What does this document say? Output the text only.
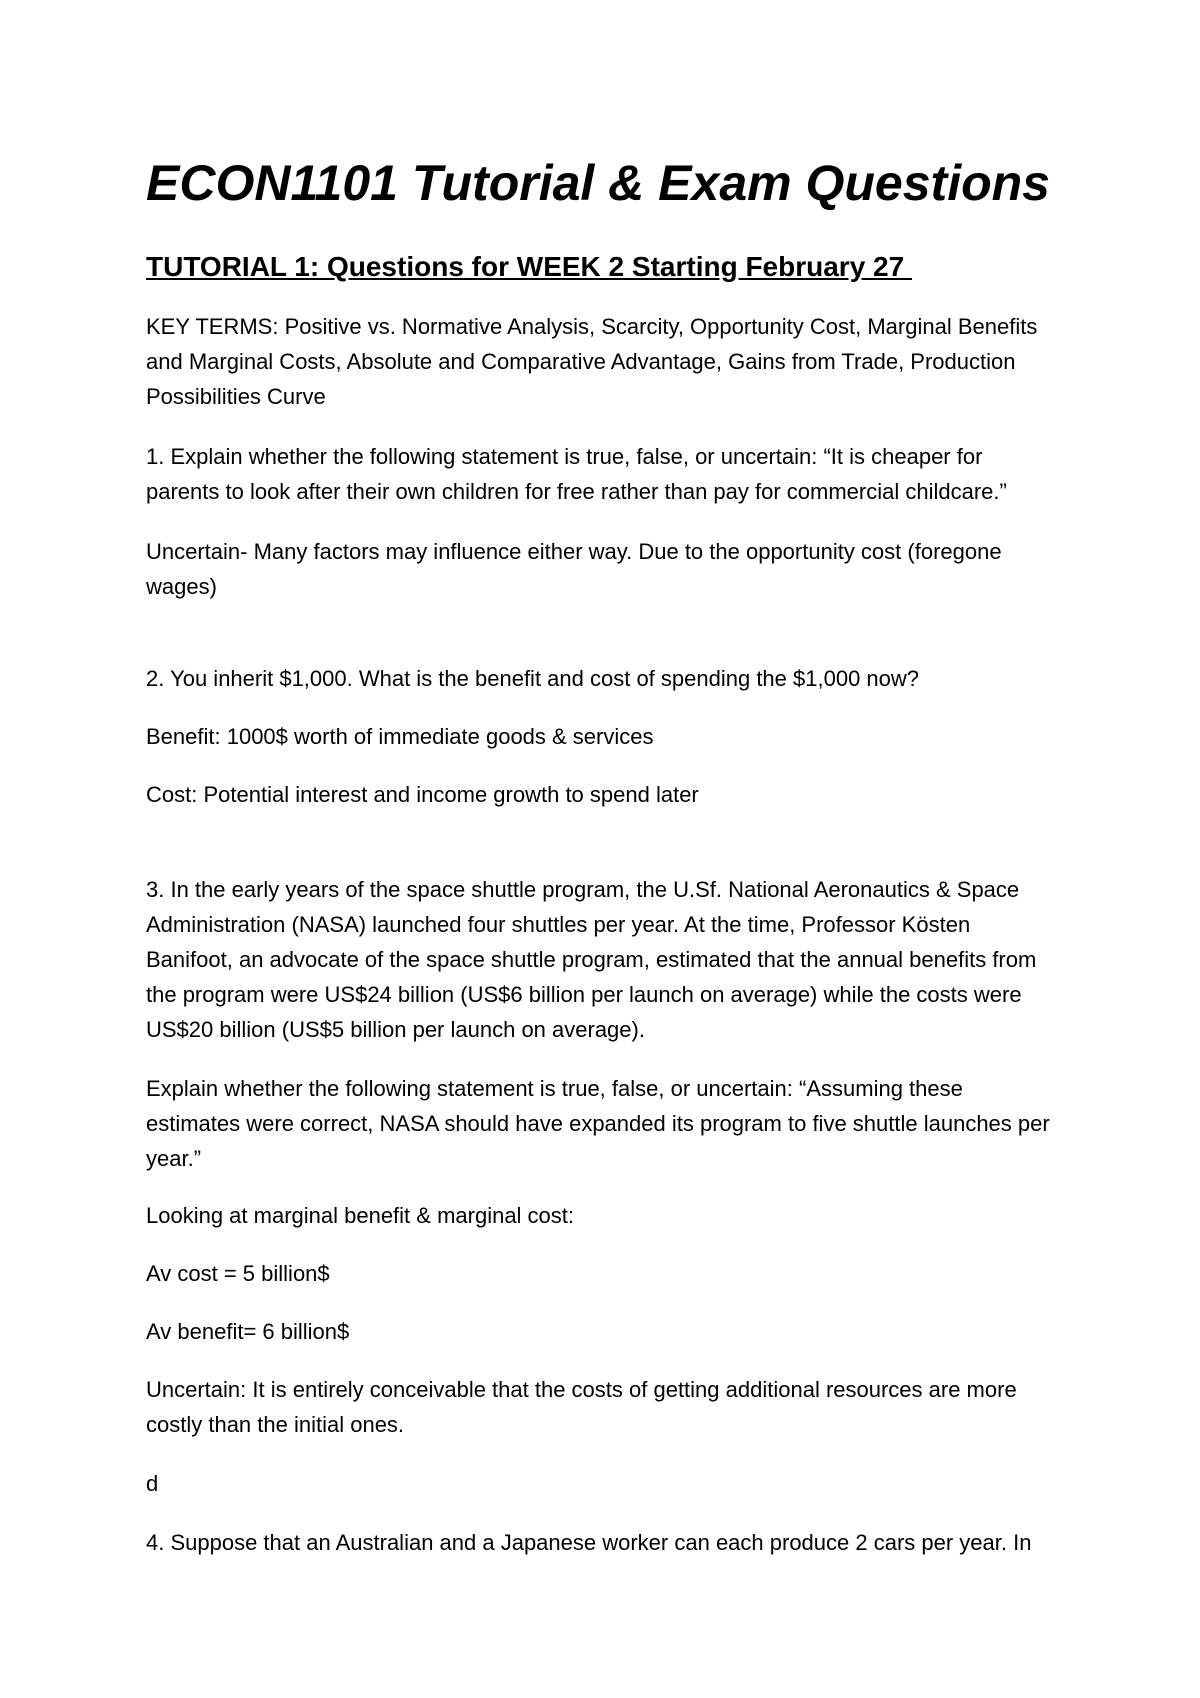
ECON1101 Tutorial & Exam Questions
TUTORIAL 1: Questions for WEEK 2 Starting February 27

KEY TERMS: Positive vs. Normative Analysis, Scarcity, Opportunity Cost, Marginal Benefits
and Marginal Costs, Absolute and Comparative Advantage, Gains from Trade, Production
Possibilities Curve

1. Explain whether the following statement is true, false, or uncertain: “It is cheaper for
parents to look after their own children for free rather than pay for commercial childcare.”

Uncertain- Many factors may influence either way. Due to the opportunity cost (foregone
wages)

2. You inherit $1,000. What is the benefit and cost of spending the $1,000 now?

Benefit: 1000$ worth of immediate goods & services

Cost: Potential interest and income growth to spend later

3. In the early years of the space shuttle program, the U.Sf. National Aeronautics & Space
Administration (NASA) launched four shuttles per year. At the time, Professor Kösten
Banifoot, an advocate of the space shuttle program, estimated that the annual benefits from
the program were US$24 billion (US$6 billion per launch on average) while the costs were
US$20 billion (US$5 billion per launch on average).

Explain whether the following statement is true, false, or uncertain: “Assuming these
estimates were correct, NASA should have expanded its program to five shuttle launches per
year.”

Looking at marginal benefit & marginal cost:

Av cost = 5 billion$

Av benefit= 6 billion$

Uncertain: It is entirely conceivable that the costs of getting additional resources are more
costly than the initial ones.

d

4. Suppose that an Australian and a Japanese worker can each produce 2 cars per year. In
